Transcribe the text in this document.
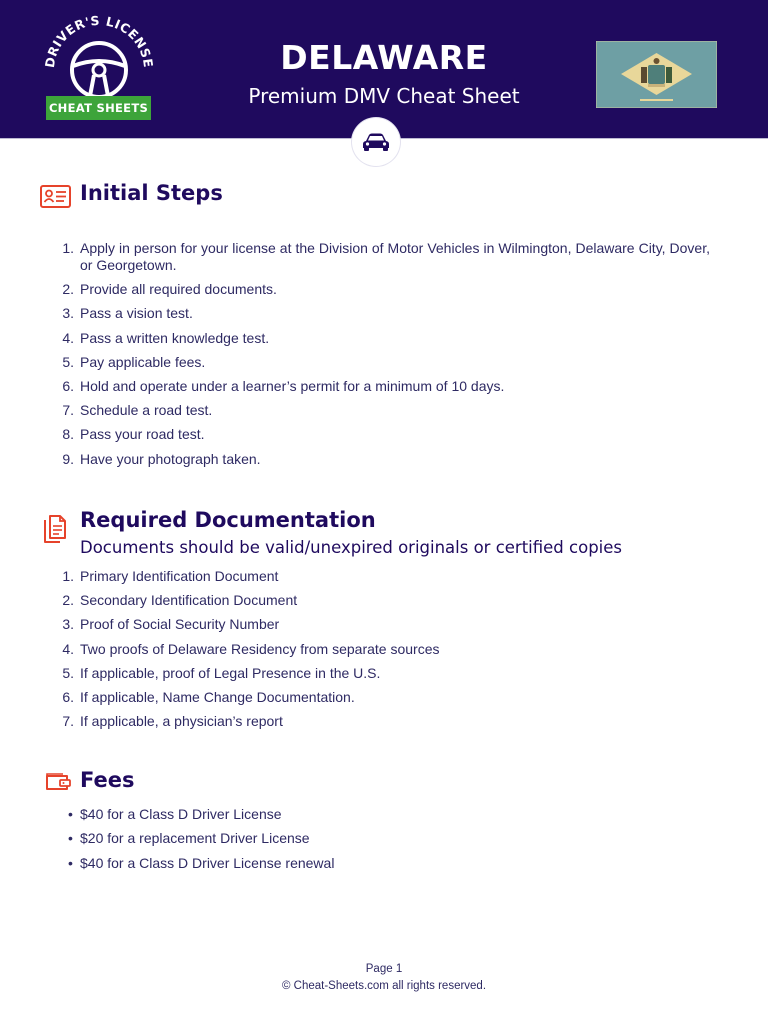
DRIVER'S LICENSE
CHEAT SHEETS
DELAWARE
Premium DMV Cheat Sheet
Initial Steps
1. Apply in person for your license at the Division of Motor Vehicles in Wilmington, Delaware City, Dover, or Georgetown.
2. Provide all required documents.
3. Pass a vision test.
4. Pass a written knowledge test.
5. Pay applicable fees.
6. Hold and operate under a learner’s permit for a minimum of 10 days.
7. Schedule a road test.
8. Pass your road test.
9. Have your photograph taken.
Required Documentation

Documents should be valid/unexpired originals or certified copies

1. Primary Identification Document
2. Secondary Identification Document
3. Proof of Social Security Number
4. Two proofs of Delaware Residency from separate sources
5. If applicable, proof of Legal Presence in the U.S.
6. If applicable, Name Change Documentation.
7. If applicable, a physician’s report
Fees
• $40 for a Class D Driver License
• $20 for a replacement Driver License
• $40 for a Class D Driver License renewal
Page 1
© Cheat-Sheets.com all rights reserved.
